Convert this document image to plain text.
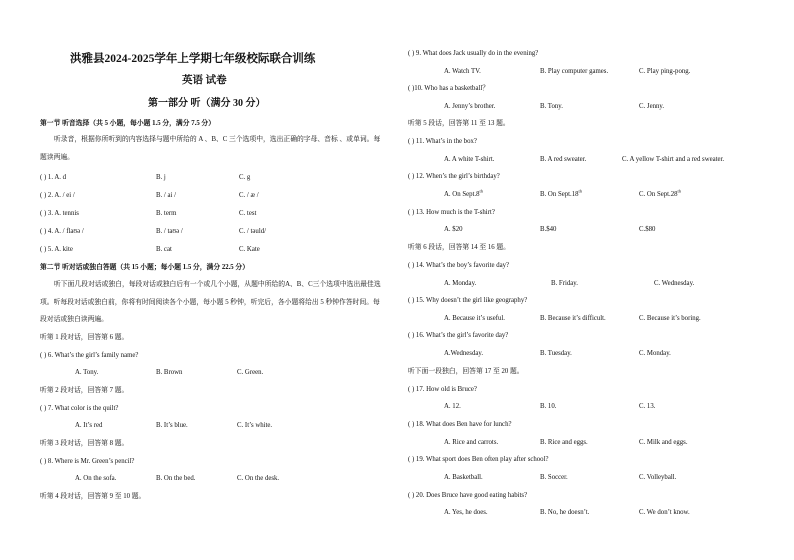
洪雅县2024-2025学年上学期七年级校际联合训练
英语 试卷
第一部分 听（满分 30 分）
第一节 听音选择（共 5 小题，每小题 1.5 分，满分 7.5 分）
听录音，根据你所听到的内容选择与题中所给的 A 、B、C 三个选项中，选出正确的字母、音标 、或单词。每题读两遍。
( ) 1. A. d	B. j	C. g
( ) 2. A. / ei /	B. / ai /	C. / æ /
( ) 3. A. tennis	B. term	C. test
( ) 4. A. / flaʊə /	B. / taʊə /	C. / təuld/
( ) 5. A. kite	B. cat	C. Kate
第二节 听对话或独白答题（共 15 小题；每小题 1.5 分，满分 22.5 分）
听下面几段对话或独白，每段对话或独白后有一个或几个小题，从题中所给的A、B、C三个选项中选出最佳选项。听每段对话或独白前，你将有时间阅读各个小题，每小题 5 秒钟，听完后，各小题将给出 5 秒钟作答时间。每段对话或独白读两遍。
听第 1 段对话，回答第 6 题。
( ) 6. What’s the girl’s family name?
A. Tony.	B. Brown	C. Green.
听第 2 段对话，回答第 7 题。
( ) 7. What color is the quilt?
A. It’s red	B. It’s blue.	C. It’s white.
听第 3 段对话，回答第 8 题。
( ) 8. Where is Mr. Green’s pencil?
A. On the sofa.	B. On the bed.	C. On the desk.
听第 4 段对话，回答第 9 至 10 题。
( ) 9. What does Jack usually do in the evening?
A. Watch TV.	B. Play computer games.	C. Play ping-pong.
( )10. Who has a basketball？
A. Jenny’s brother.	B. Tony.	C. Jenny.
听第 5 段话，回答第 11 至 13 题。
( ) 11. What’s in the box?
A. A white T-shirt.	B. A red sweater.	C. A yellow T-shirt and a red sweater.
( ) 12. When’s the girl’s birthday?
A. On Sept.8th	B. On Sept.18th	C. On Sept.28th
( ) 13. How much is the T-shirt?
A. $20	B.$40	C.$80
听第 6 段话，回答第 14 至 16 题。
( ) 14. What’s the boy’s favorite day?
A. Monday.	B. Friday.	C. Wednesday.
( ) 15. Why doesn’t the girl like geography?
A. Because it’s useful.	B. Because it’s difficult.	C. Because it’s boring.
( ) 16. What’s the girl’s favorite day?
A.Wednesday.	B. Tuesday.	C. Monday.
听下面一段独白，回答第 17 至 20 题。
( ) 17. How old is Bruce?
A. 12.	B. 10.	C. 13.
( ) 18. What does Ben have for lunch?
A. Rice and carrots.	B. Rice and eggs.	C. Milk and eggs.
( ) 19. What sport does Ben often play after school?
A. Basketball.	B. Soccer.	C. Volleyball.
( ) 20. Does Bruce have good eating habits?
A. Yes, he does.	B. No, he doesn’t.	C. We don’t know.
